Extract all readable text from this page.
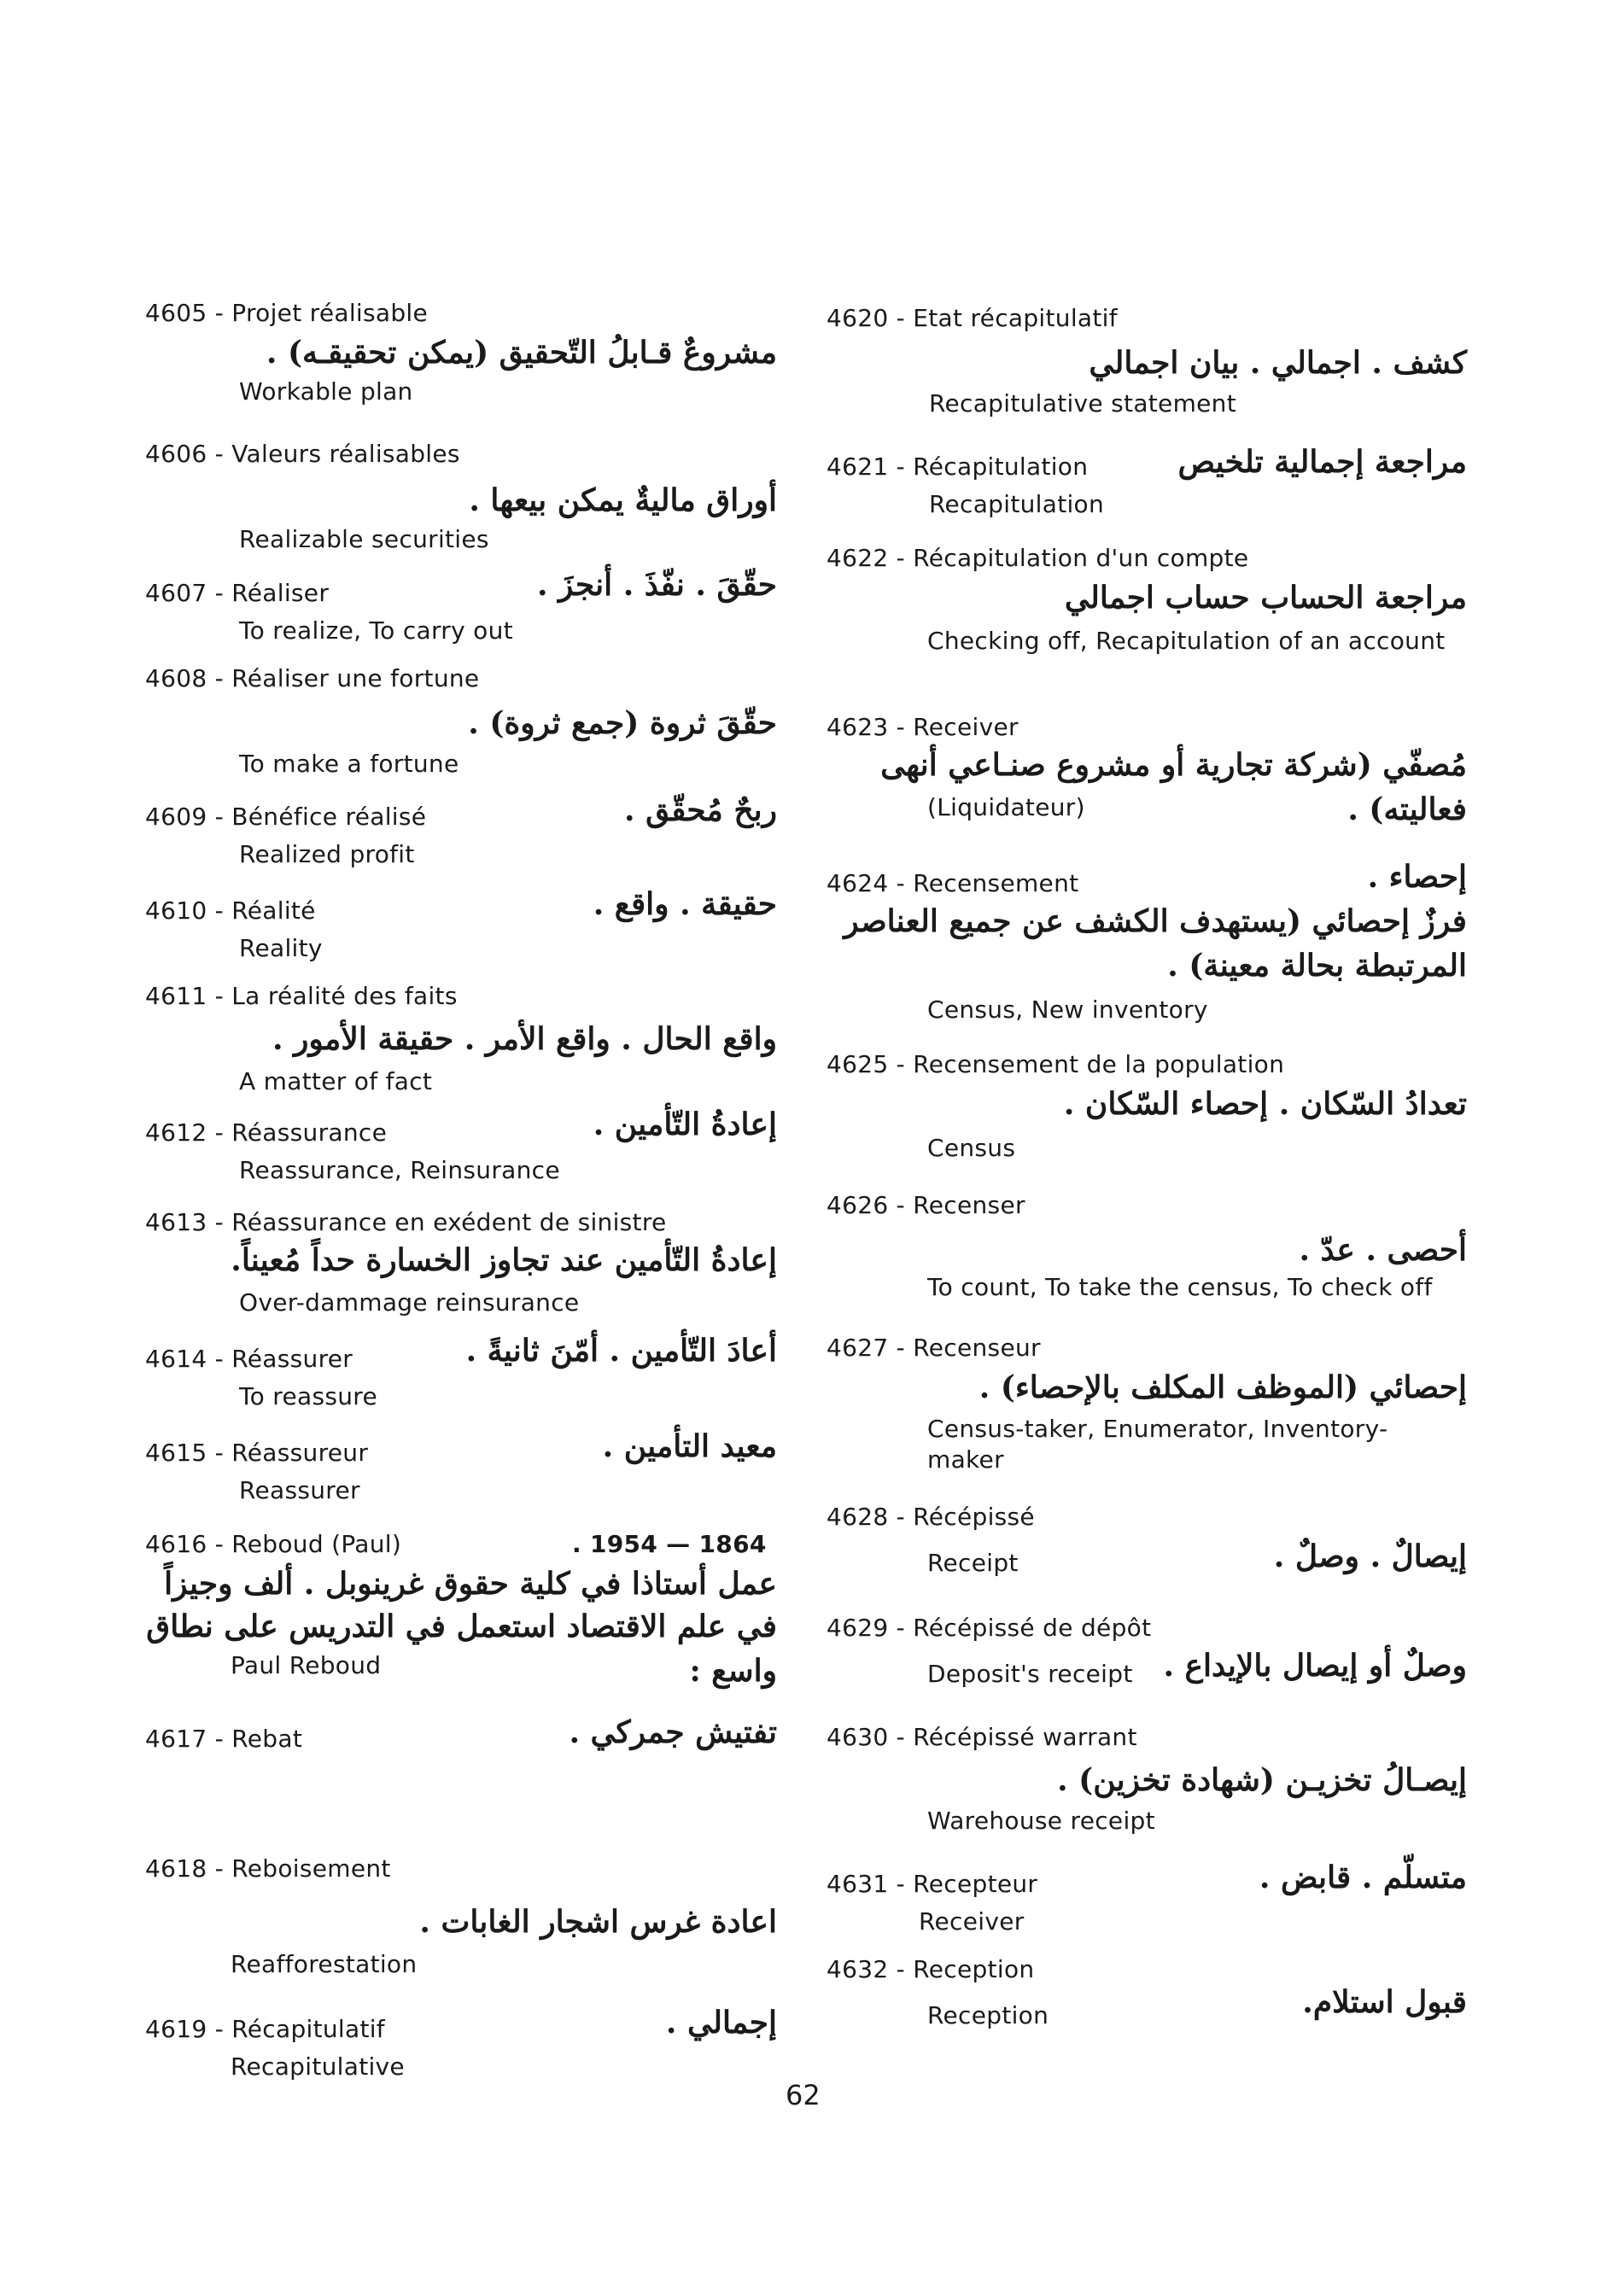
4605 - Projet réalisable
مشروعٌ قـابلُ التّحقيق (يمكن تحقيقـه) .
Workable plan
4606 - Valeurs réalisables
أوراق ماليةٌ يمكن بيعها .
Realizable securities
4607 - Réaliser	حقّقَ . نفّذَ . أنجزَ .
To realize, To carry out
4608 - Réaliser une fortune
حقّقَ ثروة (جمع ثروة) .
To make a fortune
4609 - Bénéfice réalisé	ربحٌ مُحقّق .
Realized profit
4610 - Réalité	حقيقة . واقع .
Reality
4611 - La réalité des faits
واقع الحال . واقع الأمر . حقيقة الأمور .
A matter of fact
4612 - Réassurance	إعادةُ التّأمين .
Reassurance, Reinsurance
4613 - Réassurance en exédent de sinistre
إعادةُ التّأمين عند تجاوز الخسارة حداً مُعيناً.
Over-dammage reinsurance
4614 - Réassurer	أعادَ التّأمين . أمّنَ ثانيةً .
To reassure
4615 - Réassureur	معيد التأمين .
Reassurer
4616 - Reboud (Paul)	. 1954 — 1864
عمل أستاذا في كلية حقوق غرينوبل . ألف وجيزاً
في علم الاقتصاد استعمل في التدريس على نطاق
واسع :
Paul Reboud
4617 - Rebat	تفتيش جمركي .
4618 - Reboisement
اعادة غرس اشجار الغابات .
Reafforestation
4619 - Récapitulatif	إجمالي .
Recapitulative
4620 - Etat récapitulatif
كشف . اجمالي . بيان اجمالي
Recapitulative statement
4621 - Récapitulation	مراجعة إجمالية تلخيص
Recapitulation
4622 - Récapitulation d'un compte
مراجعة الحساب حساب اجمالي
Checking off, Recapitulation of an account
4623 - Receiver
مُصفّي (شركة تجارية أو مشروع صنـاعي أنهى
فعاليته) .
(Liquidateur)
4624 - Recensement	إحصاء .
فرزٌ إحصائي (يستهدف الكشف عن جميع العناصر
المرتبطة بحالة معينة) .
Census, New inventory
4625 - Recensement de la population
تعدادُ السّكان . إحصاء السّكان .
Census
4626 - Recenser
أحصى . عدّ .
To count, To take the census, To check off
4627 - Recenseur
إحصائي (الموظف المكلف بالإحصاء) .
Census-taker, Enumerator, Inventory-maker
4628 - Récépissé
إيصالٌ . وصلٌ .
Receipt
4629 - Récépissé de dépôt
وصلٌ أو إيصال بالإيداع .
Deposit's receipt
4630 - Récépissé warrant
إيصـالُ تخزيـن (شهادة تخزين) .
Warehouse receipt
4631 - Recepteur	متسلّم . قابض .
Receiver
4632 - Reception
قبول استلام.
Reception
62
